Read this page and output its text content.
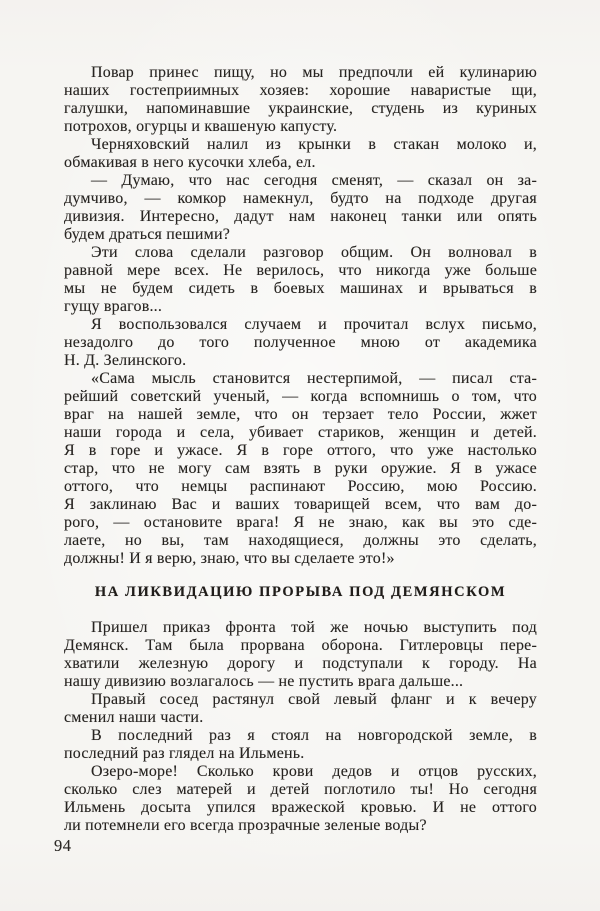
Повар принес пищу, но мы предпочли ей кулинарию
наших гостеприимных хозяев: хорошие наваристые щи,
галушки, напоминавшие украинские, студень из куриных
потрохов, огурцы и квашеную капусту.
Черняховский налил из крынки в стакан молоко и,
обмакивая в него кусочки хлеба, ел.
— Думаю, что нас сегодня сменят, — сказал он за-
думчиво, — комкор намекнул, будто на подходе другая
дивизия. Интересно, дадут нам наконец танки или опять
будем драться пешими?
Эти слова сделали разговор общим. Он волновал в
равной мере всех. Не верилось, что никогда уже больше
мы не будем сидеть в боевых машинах и врываться в
гущу врагов...
Я воспользовался случаем и прочитал вслух письмо,
незадолго до того полученное мною от академика
Н. Д. Зелинского.
«Сама мысль становится нестерпимой, — писал ста-
рейший советский ученый, — когда вспомнишь о том, что
враг на нашей земле, что он терзает тело России, жжет
наши города и села, убивает стариков, женщин и детей.
Я в горе и ужасе. Я в горе оттого, что уже настолько
стар, что не могу сам взять в руки оружие. Я в ужасе
оттого, что немцы распинают Россию, мою Россию.
Я заклинаю Вас и ваших товарищей всем, что вам до-
рого, — остановите врага! Я не знаю, как вы это сде-
лаете, но вы, там находящиеся, должны это сделать,
должны! И я верю, знаю, что вы сделаете это!»
НА ЛИКВИДАЦИЮ ПРОРЫВА ПОД ДЕМЯНСКОМ
Пришел приказ фронта той же ночью выступить под
Демянск. Там была прорвана оборона. Гитлеровцы пере-
хватили железную дорогу и подступали к городу. На
нашу дивизию возлагалось — не пустить врага дальше...
Правый сосед растянул свой левый фланг и к вечеру
сменил наши части.
В последний раз я стоял на новгородской земле, в
последний раз глядел на Ильмень.
Озеро-море! Сколько крови дедов и отцов русских,
сколько слез матерей и детей поглотило ты! Но сегодня
Ильмень досыта упился вражеской кровью. И не оттого
ли потемнели его всегда прозрачные зеленые воды?
94
